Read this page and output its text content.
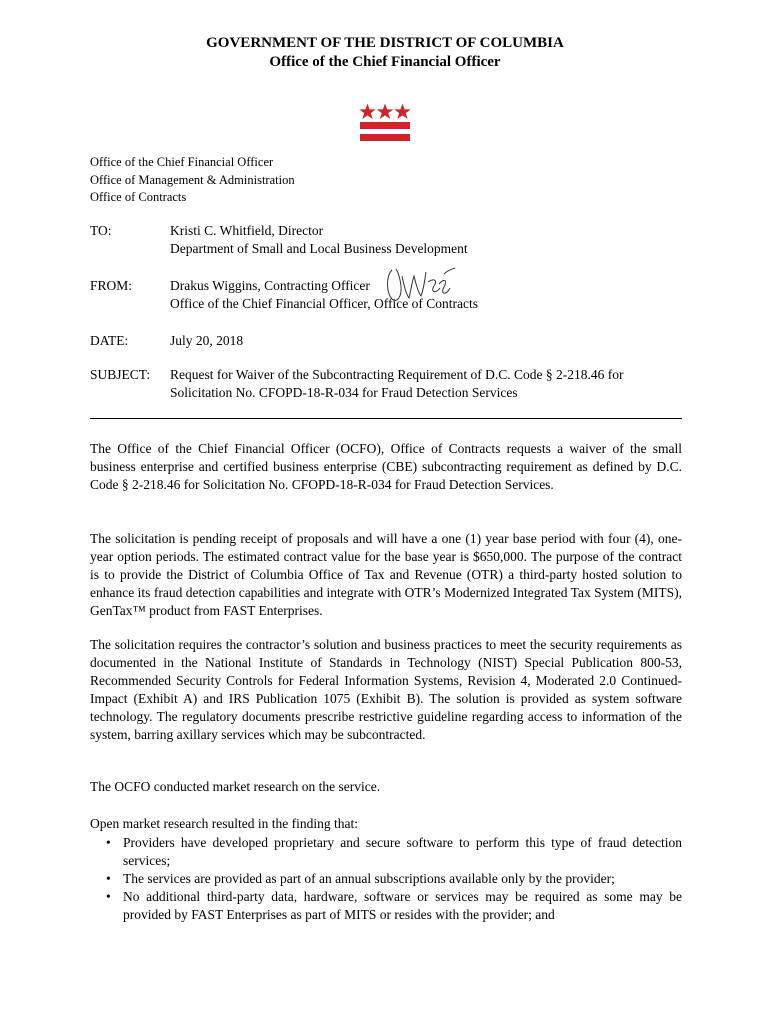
GOVERNMENT OF THE DISTRICT OF COLUMBIA
Office of the Chief Financial Officer
Office of the Chief Financial Officer
Office of Management & Administration
Office of Contracts
TO:	Kristi C. Whitfield, Director
Department of Small and Local Business Development
FROM:	Drakus Wiggins, Contracting Officer
Office of the Chief Financial Officer, Office of Contracts
DATE:	July 20, 2018
SUBJECT:	Request for Waiver of the Subcontracting Requirement of D.C. Code § 2-218.46 for Solicitation No. CFOPD-18-R-034 for Fraud Detection Services

The Office of the Chief Financial Officer (OCFO), Office of Contracts requests a waiver of the small business enterprise and certified business enterprise (CBE) subcontracting requirement as defined by D.C. Code § 2-218.46 for Solicitation No. CFOPD-18-R-034 for Fraud Detection Services.

The solicitation is pending receipt of proposals and will have a one (1) year base period with four (4), one-year option periods. The estimated contract value for the base year is $650,000. The purpose of the contract is to provide the District of Columbia Office of Tax and Revenue (OTR) a third-party hosted solution to enhance its fraud detection capabilities and integrate with OTR’s Modernized Integrated Tax System (MITS), GenTax™ product from FAST Enterprises.

The solicitation requires the contractor’s solution and business practices to meet the security requirements as documented in the National Institute of Standards in Technology (NIST) Special Publication 800-53, Recommended Security Controls for Federal Information Systems, Revision 4, Moderated 2.0 Continued-Impact (Exhibit A) and IRS Publication 1075 (Exhibit B). The solution is provided as system software technology. The regulatory documents prescribe restrictive guideline regarding access to information of the system, barring axillary services which may be subcontracted.

The OCFO conducted market research on the service.

Open market research resulted in the finding that:

• Providers have developed proprietary and secure software to perform this type of fraud detection services;
• The services are provided as part of an annual subscriptions available only by the provider;
• No additional third-party data, hardware, software or services may be required as some may be provided by FAST Enterprises as part of MITS or resides with the provider; and
